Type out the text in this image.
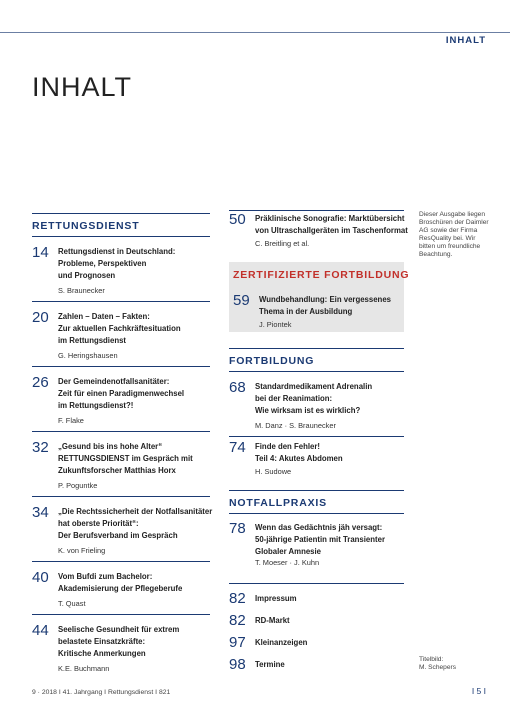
INHALT
INHALT
RETTUNGSDIENST
14 Rettungsdienst in Deutschland:
Probleme, Perspektiven
und Prognosen
S. Braunecker
20 Zahlen – Daten – Fakten:
Zur aktuellen Fachkräftesituation
im Rettungsdienst
G. Heringshausen
26 Der Gemeindenotfallsanitäter:
Zeit für einen Paradigmenwechsel
im Rettungsdienst?!
F. Flake
32 „Gesund bis ins hohe Alter“
RETTUNGSDIENST im Gespräch mit
Zukunftsforscher Matthias Horx
P. Poguntke
34 „Die Rechtssicherheit der Notfallsanitäter
hat oberste Priorität“:
Der Berufsverband im Gespräch
K. von Frieling
40 Vom Bufdi zum Bachelor:
Akademisierung der Pflegeberufe
T. Quast
44 Seelische Gesundheit für extrem
belastete Einsatzkräfte:
Kritische Anmerkungen
K.E. Buchmann
50 Präklinische Sonografie: Marktübersicht
von Ultraschallgeräten im Taschenformat
C. Breitling et al.
ZERTIFIZIERTE FORTBILDUNG
59 Wundbehandlung: Ein vergessenes
Thema in der Ausbildung
J. Piontek
FORTBILDUNG
68 Standardmedikament Adrenalin
bei der Reanimation:
Wie wirksam ist es wirklich?
M. Danz · S. Braunecker
74 Finde den Fehler!
Teil 4: Akutes Abdomen
H. Sudowe
NOTFALLPRAXIS
78 Wenn das Gedächtnis jäh versagt:
50-jährige Patientin mit Transienter
Globaler Amnesie
T. Moeser · J. Kuhn
82 Impressum
82 RD-Markt
97 Kleinanzeigen
98 Termine
Dieser Ausgabe liegen
Broschüren der Daimler
AG sowie der Firma
ResQuality bei. Wir
bitten um freundliche
Beachtung.
Titelbild:
M. Schepers
9 · 2018 I 41. Jahrgang I Rettungsdienst I 821	I 5 I
